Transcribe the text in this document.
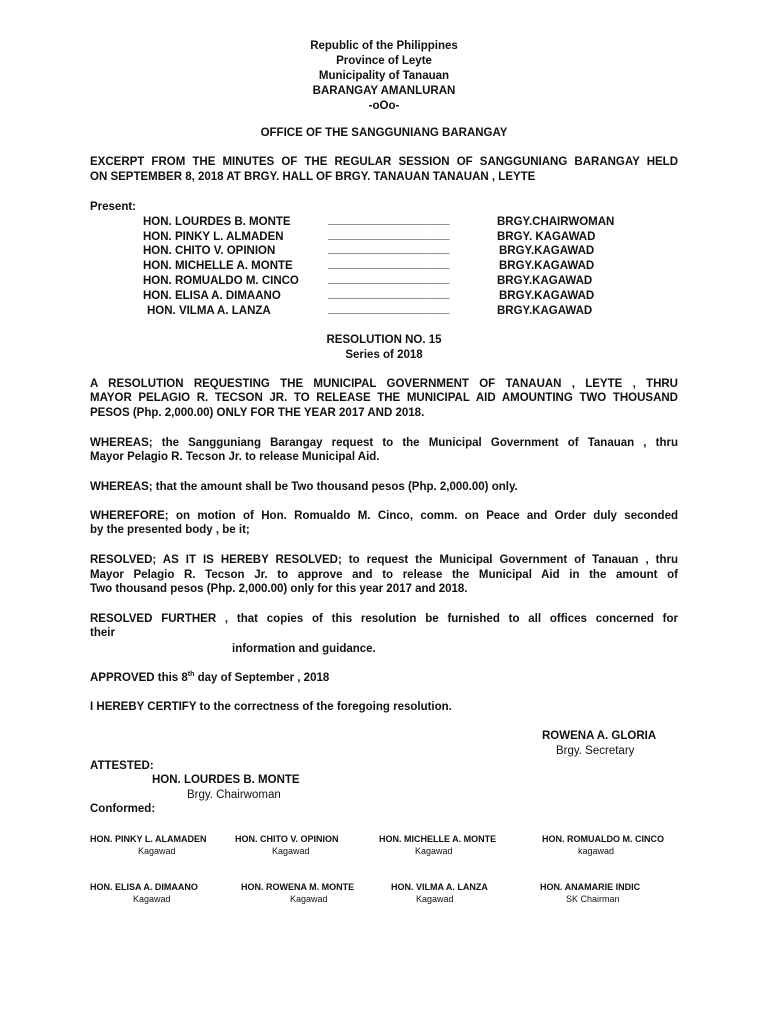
Republic of the Philippines
Province of Leyte
Municipality of Tanauan
BARANGAY AMANLURAN
-oOo-
OFFICE OF THE SANGGUNIANG BARANGAY
EXCERPT FROM THE MINUTES OF THE REGULAR SESSION OF SANGGUNIANG BARANGAY HELD
ON SEPTEMBER 8, 2018 AT BRGY. HALL OF BRGY. TANAUAN TANAUAN , LEYTE
Present:
HON. LOURDES B. MONTE	___________________	BRGY.CHAIRWOMAN
HON. PINKY L. ALMADEN	___________________	BRGY. KAGAWAD
HON. CHITO V. OPINION	___________________	BRGY.KAGAWAD
HON. MICHELLE A. MONTE	___________________	BRGY.KAGAWAD
HON. ROMUALDO M. CINCO	___________________	BRGY.KAGAWAD
HON. ELISA A. DIMAANO	___________________	BRGY.KAGAWAD
HON. VILMA A. LANZA	___________________	BRGY.KAGAWAD
RESOLUTION NO. 15
Series of 2018
A RESOLUTION REQUESTING THE MUNICIPAL GOVERNMENT OF TANAUAN , LEYTE , THRU
MAYOR PELAGIO R. TECSON JR. TO RELEASE THE MUNICIPAL AID AMOUNTING TWO THOUSAND
PESOS (Php. 2,000.00) ONLY FOR THE YEAR 2017 AND 2018.
WHEREAS; the Sangguniang Barangay request to the Municipal Government of Tanauan , thru
Mayor Pelagio R. Tecson Jr. to release Municipal Aid.
WHEREAS; that the amount shall be Two thousand pesos (Php. 2,000.00) only.
WHEREFORE; on motion of Hon. Romualdo M. Cinco, comm. on Peace and Order duly seconded
by the presented body , be it;
RESOLVED; AS IT IS HEREBY RESOLVED; to request the Municipal Government of Tanauan , thru
Mayor Pelagio R. Tecson Jr. to approve and to release the Municipal Aid in the amount of
Two thousand pesos (Php. 2,000.00) only for this year 2017 and 2018.
RESOLVED FURTHER , that copies of this resolution be furnished to all offices concerned for
their
information and guidance.
APPROVED this 8th day of September , 2018
I HEREBY CERTIFY to the correctness of the foregoing resolution.
ROWENA A. GLORIA
Brgy. Secretary
ATTESTED:
HON. LOURDES B. MONTE
Brgy. Chairwoman
Conformed:
HON. PINKY L. ALAMADEN
Kagawad
HON. CHITO V. OPINION
Kagawad
HON. MICHELLE A. MONTE
Kagawad
HON. ROMUALDO M. CINCO
kagawad
HON. ELISA A. DIMAANO
Kagawad
HON. ROWENA M. MONTE
Kagawad
HON. VILMA A. LANZA
Kagawad
HON. ANAMARIE INDIC
SK Chairman
